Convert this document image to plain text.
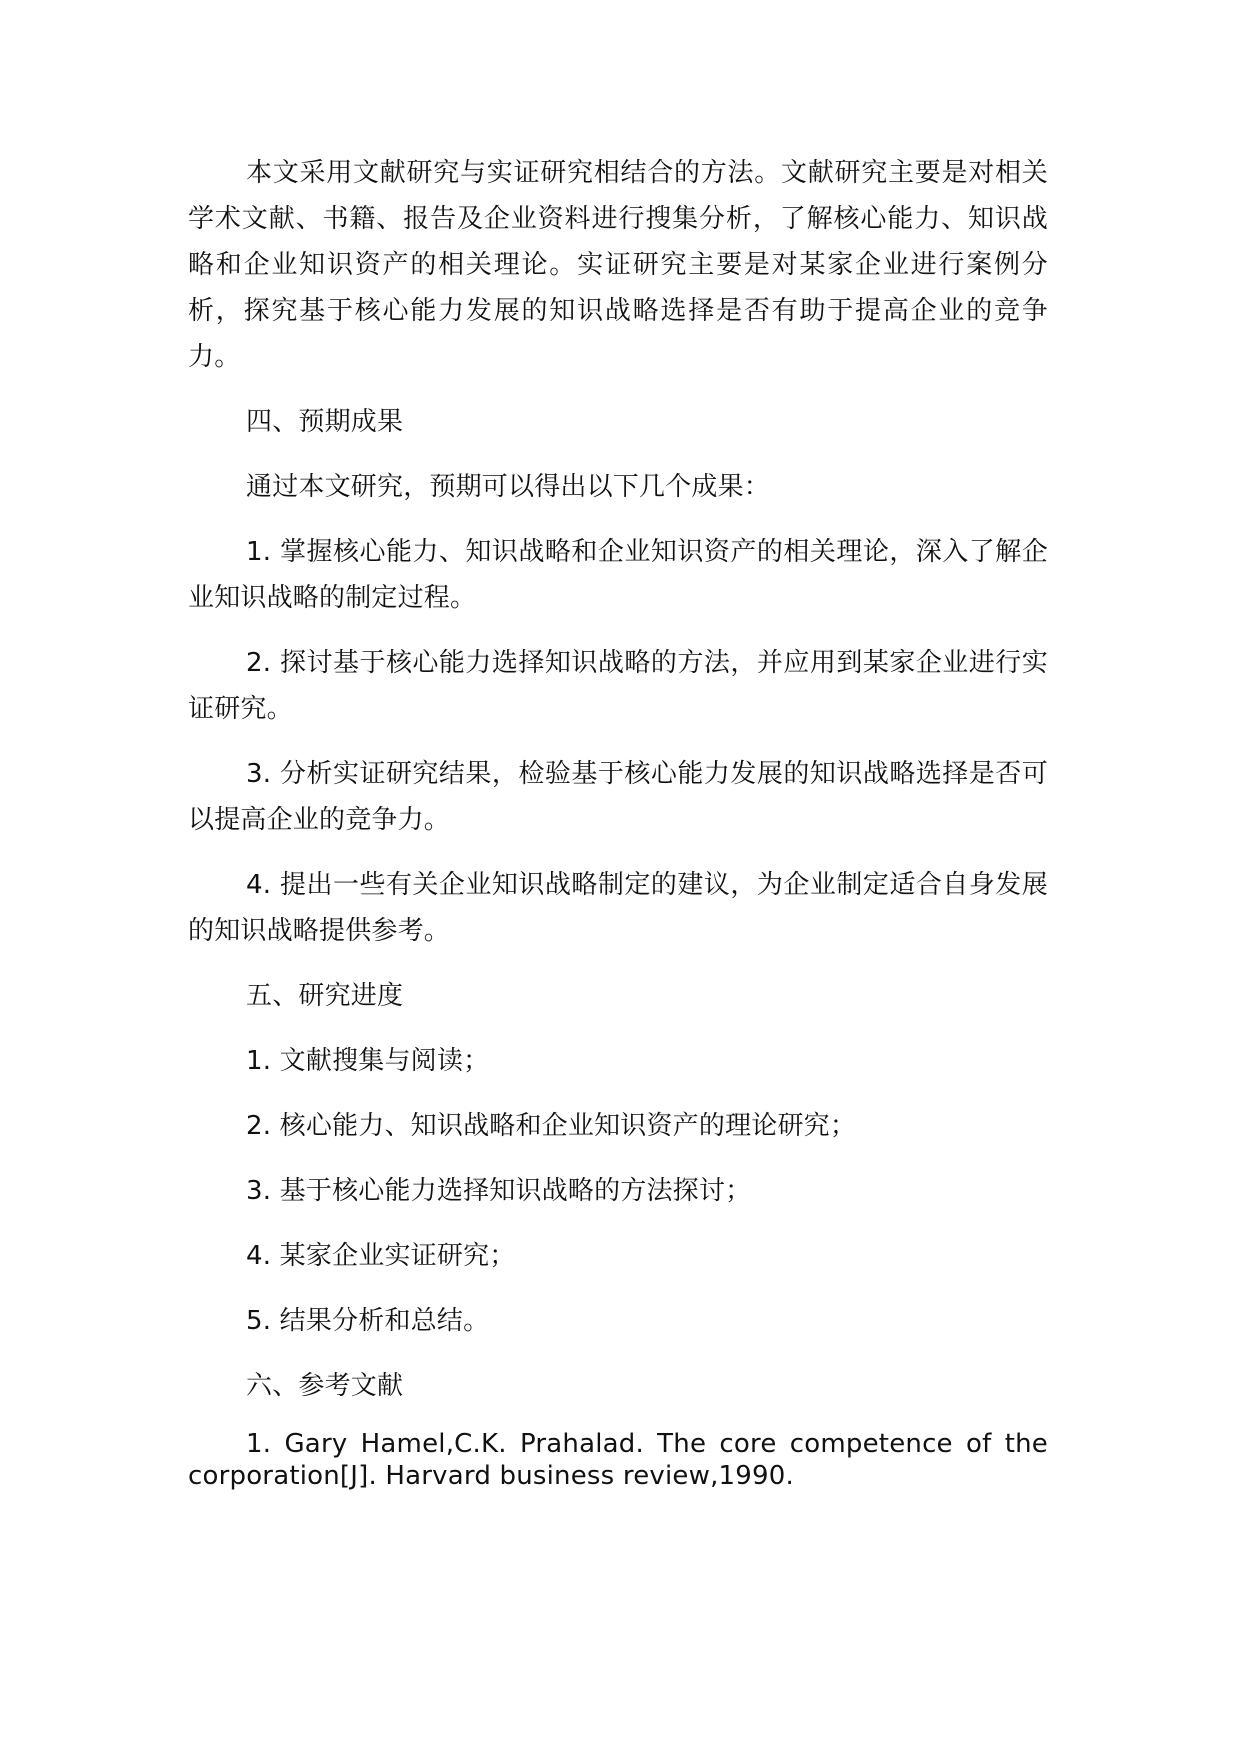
本文采用文献研究与实证研究相结合的方法。文献研究主要是对相关学术文献、书籍、报告及企业资料进行搜集分析，了解核心能力、知识战略和企业知识资产的相关理论。实证研究主要是对某家企业进行案例分析，探究基于核心能力发展的知识战略选择是否有助于提高企业的竞争力。

四、预期成果

通过本文研究，预期可以得出以下几个成果：

1. 掌握核心能力、知识战略和企业知识资产的相关理论，深入了解企业知识战略的制定过程。

2. 探讨基于核心能力选择知识战略的方法，并应用到某家企业进行实证研究。

3. 分析实证研究结果，检验基于核心能力发展的知识战略选择是否可以提高企业的竞争力。

4. 提出一些有关企业知识战略制定的建议，为企业制定适合自身发展的知识战略提供参考。

五、研究进度

1. 文献搜集与阅读；

2. 核心能力、知识战略和企业知识资产的理论研究；

3. 基于核心能力选择知识战略的方法探讨；

4. 某家企业实证研究；

5. 结果分析和总结。

六、参考文献

1. Gary Hamel,C.K. Prahalad. The core competence of the corporation[J]. Harvard business review,1990.
